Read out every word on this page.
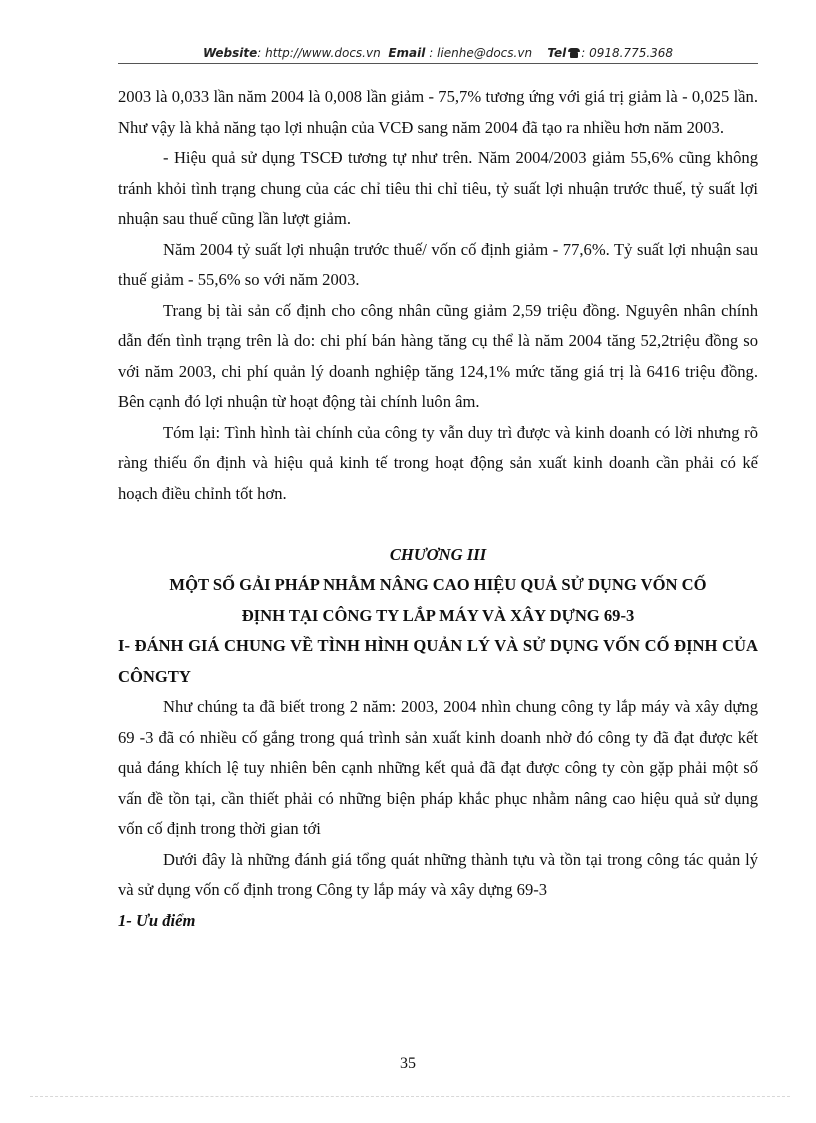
Website: http://www.docs.vn Email : lienhe@docs.vn Tel : 0918.775.368

2003 là 0,033 lần năm 2004 là 0,008 lần giảm - 75,7% tương ứng với giá trị giảm là - 0,025 lần. Như vậy là khả năng tạo lợi nhuận của VCĐ sang năm 2004 đã tạo ra nhiều hơn năm 2003.

- Hiệu quả sử dụng TSCĐ tương tự như trên. Năm 2004/2003 giảm 55,6% cũng không tránh khỏi tình trạng chung của các chỉ tiêu thi chỉ tiêu, tỷ suất lợi nhuận trước thuế, tỷ suất lợi nhuận sau thuế cũng lần lượt giảm.

Năm 2004 tỷ suất lợi nhuận trước thuế/ vốn cố định giảm - 77,6%. Tỷ suất lợi nhuận sau thuế giảm - 55,6% so với năm 2003.

Trang bị tài sản cố định cho công nhân cũng giảm 2,59 triệu đồng. Nguyên nhân chính dẫn đến tình trạng trên là do: chi phí bán hàng tăng cụ thể là năm 2004 tăng 52,2triệu đồng so với năm 2003, chi phí quản lý doanh nghiệp tăng 124,1% mức tăng giá trị là 6416 triệu đồng. Bên cạnh đó lợi nhuận từ hoạt động tài chính luôn âm.

Tóm lại: Tình hình tài chính của công ty vẫn duy trì được và kinh doanh có lời nhưng rõ ràng thiếu ổn định và hiệu quả kinh tế trong hoạt động sản xuất kinh doanh cần phải có kế hoạch điều chỉnh tốt hơn.

CHƯƠNG III

MỘT SỐ GẢI PHÁP NHẰM NÂNG CAO HIỆU QUẢ SỬ DỤNG VỐN CỐ

ĐỊNH TẠI CÔNG TY LẮP MÁY VÀ XÂY DỰNG 69-3

I- ĐÁNH GIÁ CHUNG VỀ TÌNH HÌNH QUẢN LÝ VÀ SỬ DỤNG VỐN CỐ ĐỊNH CỦA CÔNGTY

Như chúng ta đã biết trong 2 năm: 2003, 2004 nhìn chung công ty lắp máy và xây dựng 69 -3 đã có nhiều cố gắng trong quá trình sản xuất kinh doanh nhờ đó công ty đã đạt được kết quả đáng khích lệ tuy nhiên bên cạnh những kết quả đã đạt được công ty còn gặp phải một số vấn đề tồn tại, cần thiết phải có những biện pháp khắc phục nhằm nâng cao hiệu quả sử dụng vốn cố định trong thời gian tới

Dưới đây là những đánh giá tổng quát những thành tựu và tồn tại trong công tác quản lý và sử dụng vốn cố định trong Công ty lắp máy và xây dựng 69-3

1- Ưu điểm

35
